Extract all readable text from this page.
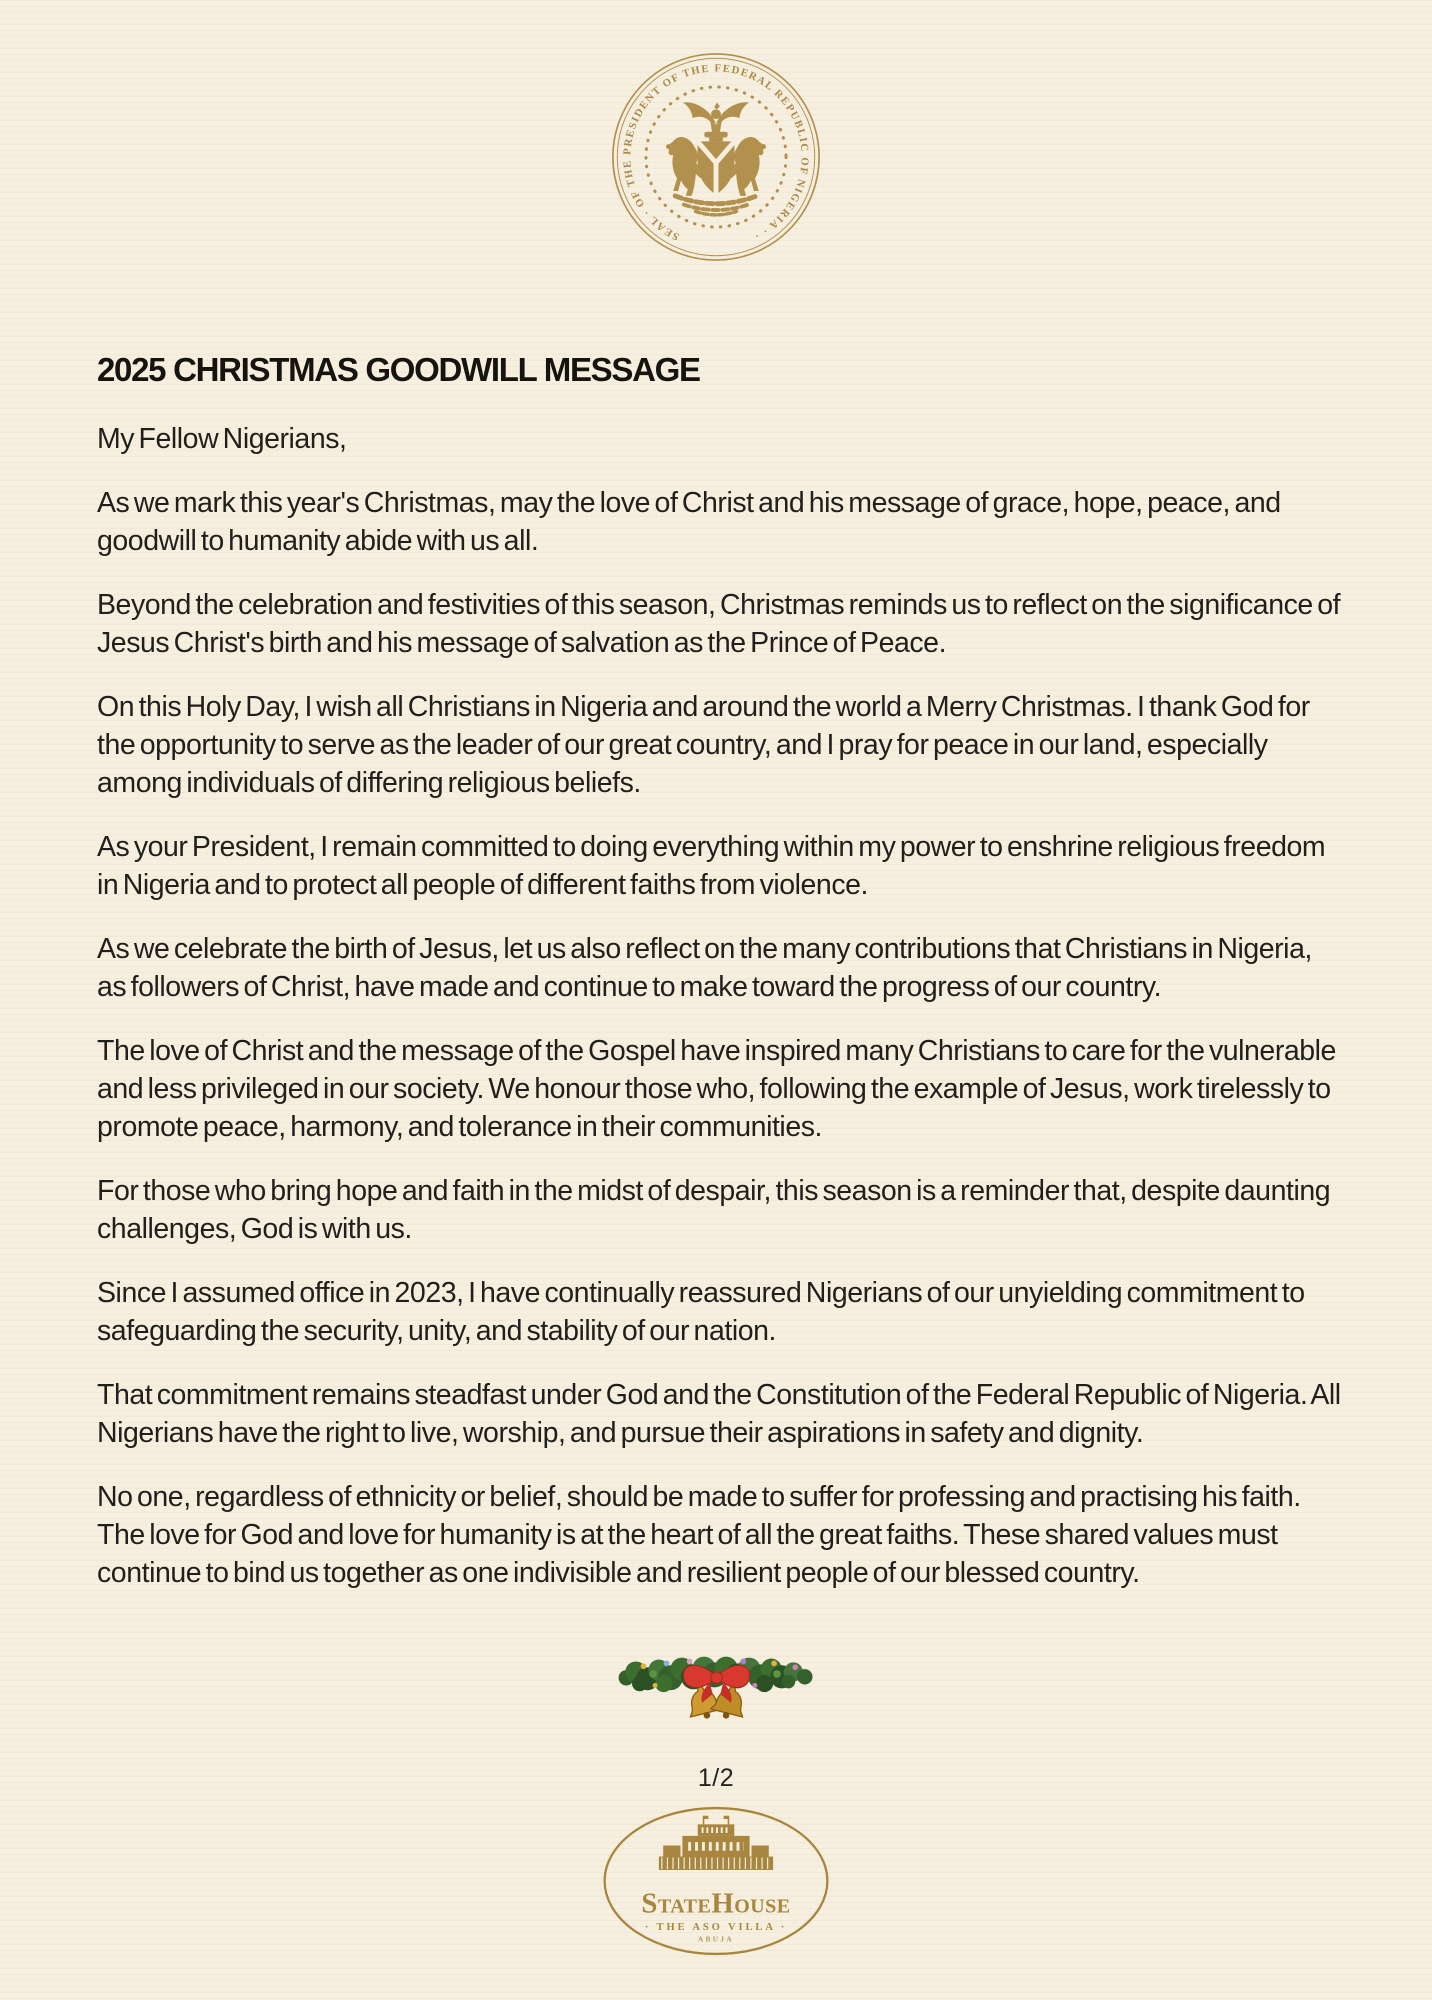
SEAL · OF THE PRESIDENT OF THE FEDERAL REPUBLIC OF NIGERIA · ·
2025 CHRISTMAS GOODWILL MESSAGE

My Fellow Nigerians,

As we mark this year's Christmas, may the love of Christ and his message of grace, hope, peace, and goodwill to humanity abide with us all.

Beyond the celebration and festivities of this season, Christmas reminds us to reflect on the significance of Jesus Christ's birth and his message of salvation as the Prince of Peace.

On this Holy Day, I wish all Christians in Nigeria and around the world a Merry Christmas. I thank God for the opportunity to serve as the leader of our great country, and I pray for peace in our land, especially among individuals of differing religious beliefs.

As your President, I remain committed to doing everything within my power to enshrine religious freedom in Nigeria and to protect all people of different faiths from violence.

As we celebrate the birth of Jesus, let us also reflect on the many contributions that Christians in Nigeria, as followers of Christ, have made and continue to make toward the progress of our country.

The love of Christ and the message of the Gospel have inspired many Christians to care for the vulnerable and less privileged in our society. We honour those who, following the example of Jesus, work tirelessly to promote peace, harmony, and tolerance in their communities.

For those who bring hope and faith in the midst of despair, this season is a reminder that, despite daunting challenges, God is with us.

Since I assumed office in 2023, I have continually reassured Nigerians of our unyielding commitment to safeguarding the security, unity, and stability of our nation.

That commitment remains steadfast under God and the Constitution of the Federal Republic of Nigeria. All Nigerians have the right to live, worship, and pursue their aspirations in safety and dignity.

No one, regardless of ethnicity or belief, should be made to suffer for professing and practising his faith. The love for God and love for humanity is at the heart of all the great faiths. These shared values must continue to bind us together as one indivisible and resilient people of our blessed country.

1/2
StateHouse
· THE ASO VILLA ·
ABUJA
